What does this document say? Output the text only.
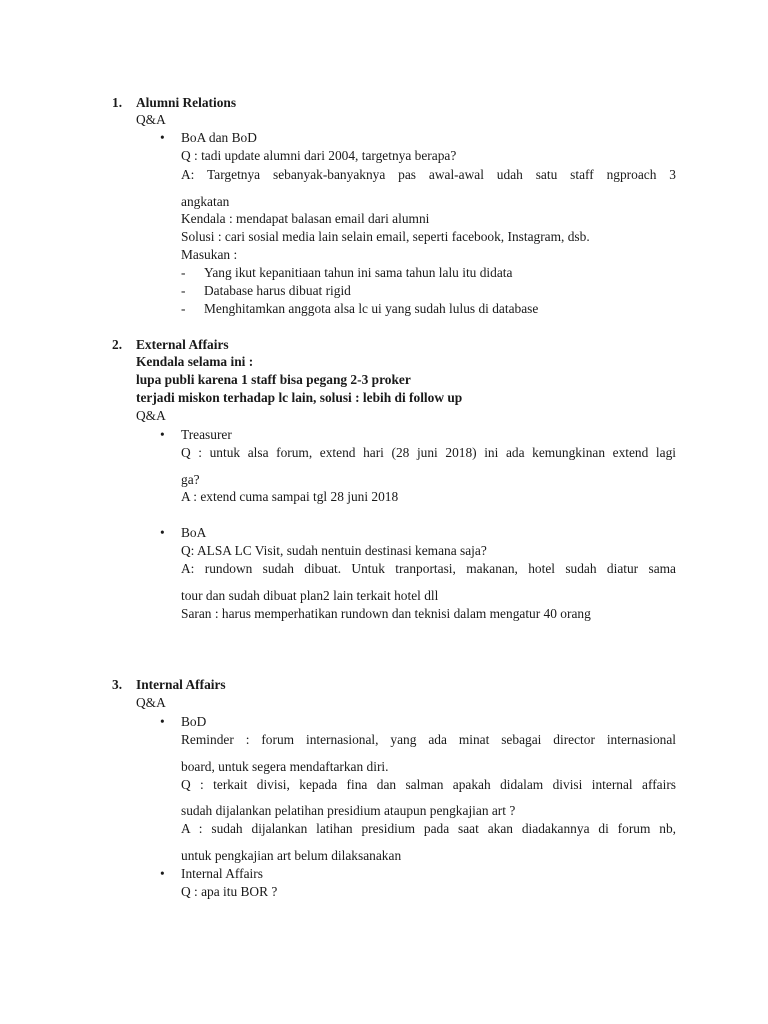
1.	Alumni Relations
Q&A
• BoA dan BoD
Q : tadi update alumni dari 2004, targetnya berapa?
A: Targetnya sebanyak-banyaknya pas awal-awal udah satu staff ngproach 3
angkatan
Kendala : mendapat balasan email dari alumni
Solusi : cari sosial media lain selain email, seperti facebook, Instagram, dsb.
Masukan :
- Yang ikut kepanitiaan tahun ini sama tahun lalu itu didata
- Database harus dibuat rigid
- Menghitamkan anggota alsa lc ui yang sudah lulus di database
2.	External Affairs
Kendala selama ini :
lupa publi karena 1 staff bisa pegang 2-3 proker
terjadi miskon terhadap lc lain, solusi : lebih di follow up
Q&A
• Treasurer
Q : untuk alsa forum, extend hari (28 juni 2018) ini ada kemungkinan extend lagi
ga?
A : extend cuma sampai tgl 28 juni 2018
• BoA
Q: ALSA LC Visit, sudah nentuin destinasi kemana saja?
A: rundown sudah dibuat. Untuk tranportasi, makanan, hotel sudah diatur sama
tour dan sudah dibuat plan2 lain terkait hotel dll
Saran : harus memperhatikan rundown dan teknisi dalam mengatur 40 orang
3.	Internal Affairs
Q&A
• BoD
Reminder : forum internasional, yang ada minat sebagai director internasional
board, untuk segera mendaftarkan diri.
Q : terkait divisi, kepada fina dan salman apakah didalam divisi internal affairs
sudah dijalankan pelatihan presidium ataupun pengkajian art ?
A : sudah dijalankan latihan presidium pada saat akan diadakannya di forum nb,
untuk pengkajian art belum dilaksanakan
• Internal Affairs
Q : apa itu BOR ?
